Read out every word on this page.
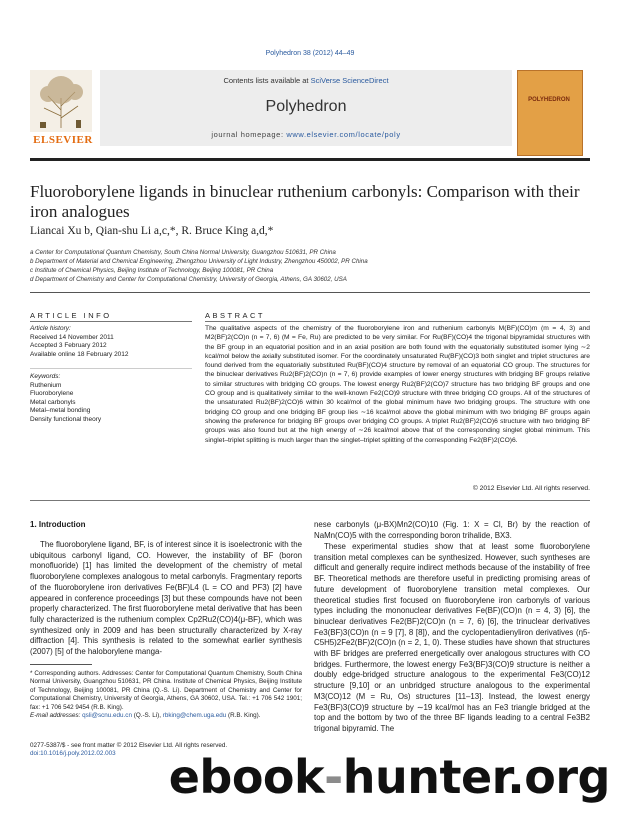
Polyhedron 38 (2012) 44–49
ELSEVIER
Contents lists available at SciVerse ScienceDirect
Polyhedron
journal homepage: www.elsevier.com/locate/poly
POLYHEDRON
Fluoroborylene ligands in binuclear ruthenium carbonyls: Comparison with their iron analogues
Liancai Xu b, Qian-shu Li a,c,*, R. Bruce King a,d,*
a Center for Computational Quantum Chemistry, South China Normal University, Guangzhou 510631, PR China
b Department of Material and Chemical Engineering, Zhengzhou University of Light Industry, Zhengzhou 450002, PR China
c Institute of Chemical Physics, Beijing Institute of Technology, Beijing 100081, PR China
d Department of Chemistry and Center for Computational Chemistry, University of Georgia, Athens, GA 30602, USA
ARTICLE INFO
Article history:
Received 14 November 2011
Accepted 3 February 2012
Available online 18 February 2012
Keywords:
Ruthenium
Fluoroborylene
Metal carbonyls
Metal–metal bonding
Density functional theory
ABSTRACT
The qualitative aspects of the chemistry of the fluoroborylene iron and ruthenium carbonyls M(BF)(CO)m (m = 4, 3) and M2(BF)2(CO)n (n = 7, 6) (M = Fe, Ru) are predicted to be very similar. For Ru(BF)(CO)4 the trigonal bipyramidal structures with the BF group in an equatorial position and in an axial position are both found with the equatorially substituted isomer lying ∼2 kcal/mol below the axially substituted isomer. For the coordinately unsaturated Ru(BF)(CO)3 both singlet and triplet structures are found derived from the equatorially substituted Ru(BF)(CO)4 structure by removal of an equatorial CO group. The structures for the binuclear derivatives Ru2(BF)2(CO)n (n = 7, 6) provide examples of lower energy structures with bridging BF groups relative to similar structures with bridging CO groups. The lowest energy Ru2(BF)2(CO)7 structure has two bridging BF groups and one CO group and is qualitatively similar to the well-known Fe2(CO)9 structure with three bridging CO groups. All of the structures of the unsaturated Ru2(BF)2(CO)6 within 30 kcal/mol of the global minimum have two bridging groups. The structure with one bridging CO group and one bridging BF group lies ∼16 kcal/mol above the global minimum with two bridging BF groups again showing the preference for bridging BF groups over bridging CO groups. A triplet Ru2(BF)2(CO)6 structure with two bridging BF groups was also found but at the high energy of ∼26 kcal/mol above that of the corresponding singlet global minimum. This singlet–triplet splitting is much larger than the singlet–triplet splitting of the corresponding Fe2(BF)2(CO)6.
© 2012 Elsevier Ltd. All rights reserved.
1. Introduction
The fluoroborylene ligand, BF, is of interest since it is isoelectronic with the ubiquitous carbonyl ligand, CO. However, the instability of BF (boron monofluoride) [1] has limited the development of the chemistry of metal fluoroborylene complexes analogous to metal carbonyls. Fragmentary reports of the fluoroborylene iron derivatives Fe(BF)L4 (L = CO and PF3) [2] have appeared in conference proceedings [3] but these compounds have not been properly characterized. The first fluoroborylene metal derivative that has been fully characterized is the ruthenium complex Cp2Ru2(CO)4(μ-BF), which was synthesized only in 2009 and has been structurally characterized by X-ray diffraction [4]. This synthesis is related to the somewhat earlier synthesis (2007) [5] of the haloborylene manga-
nese carbonyls (μ-BX)Mn2(CO)10 (Fig. 1: X = Cl, Br) by the reaction of NaMn(CO)5 with the corresponding boron trihalide, BX3.
These experimental studies show that at least some fluoroborylene transition metal complexes can be synthesized. However, such syntheses are difficult and generally require indirect methods because of the instability of free BF. Theoretical methods are therefore useful in predicting promising areas of future development of fluoroborylene transition metal complexes. Our theoretical studies first focused on fluoroborylene iron carbonyls of various types including the mononuclear derivatives Fe(BF)(CO)n (n = 4, 3) [6], the binuclear derivatives Fe2(BF)2(CO)n (n = 7, 6) [6], the trinuclear derivatives Fe3(BF)3(CO)n (n = 9 [7], 8 [8]), and the cyclopentadienyliron derivatives (η5-C5H5)2Fe2(BF)2(CO)n (n = 2, 1, 0). These studies have shown that structures with BF bridges are preferred energetically over analogous structures with CO bridges. Furthermore, the lowest energy Fe3(BF)3(CO)9 structure is neither a doubly edge-bridged structure analogous to the experimental Fe3(CO)12 structure [9,10] or an unbridged structure analogous to the experimental M3(CO)12 (M = Ru, Os) structures [11–13]. Instead, the lowest energy Fe3(BF)3(CO)9 structure by ∼19 kcal/mol has an Fe3 triangle bridged at the top and the bottom by two of the three BF ligands leading to a central Fe3B2 trigonal bipyramid. The
* Corresponding authors. Addresses: Center for Computational Quantum Chemistry, South China Normal University, Guangzhou 510631, PR China. Institute of Chemical Physics, Beijing Institute of Technology, Beijing 100081, PR China (Q.-S. Li). Department of Chemistry and Center for Computational Chemistry, University of Georgia, Athens, GA 30602, USA. Tel.: +1 706 542 1901; fax: +1 706 542 9454 (R.B. King).
E-mail addresses: qsli@scnu.edu.cn (Q.-S. Li), rbking@chem.uga.edu (R.B. King).
0277-5387/$ - see front matter © 2012 Elsevier Ltd. All rights reserved.
doi:10.1016/j.poly.2012.02.003	ebook-hunter.org
